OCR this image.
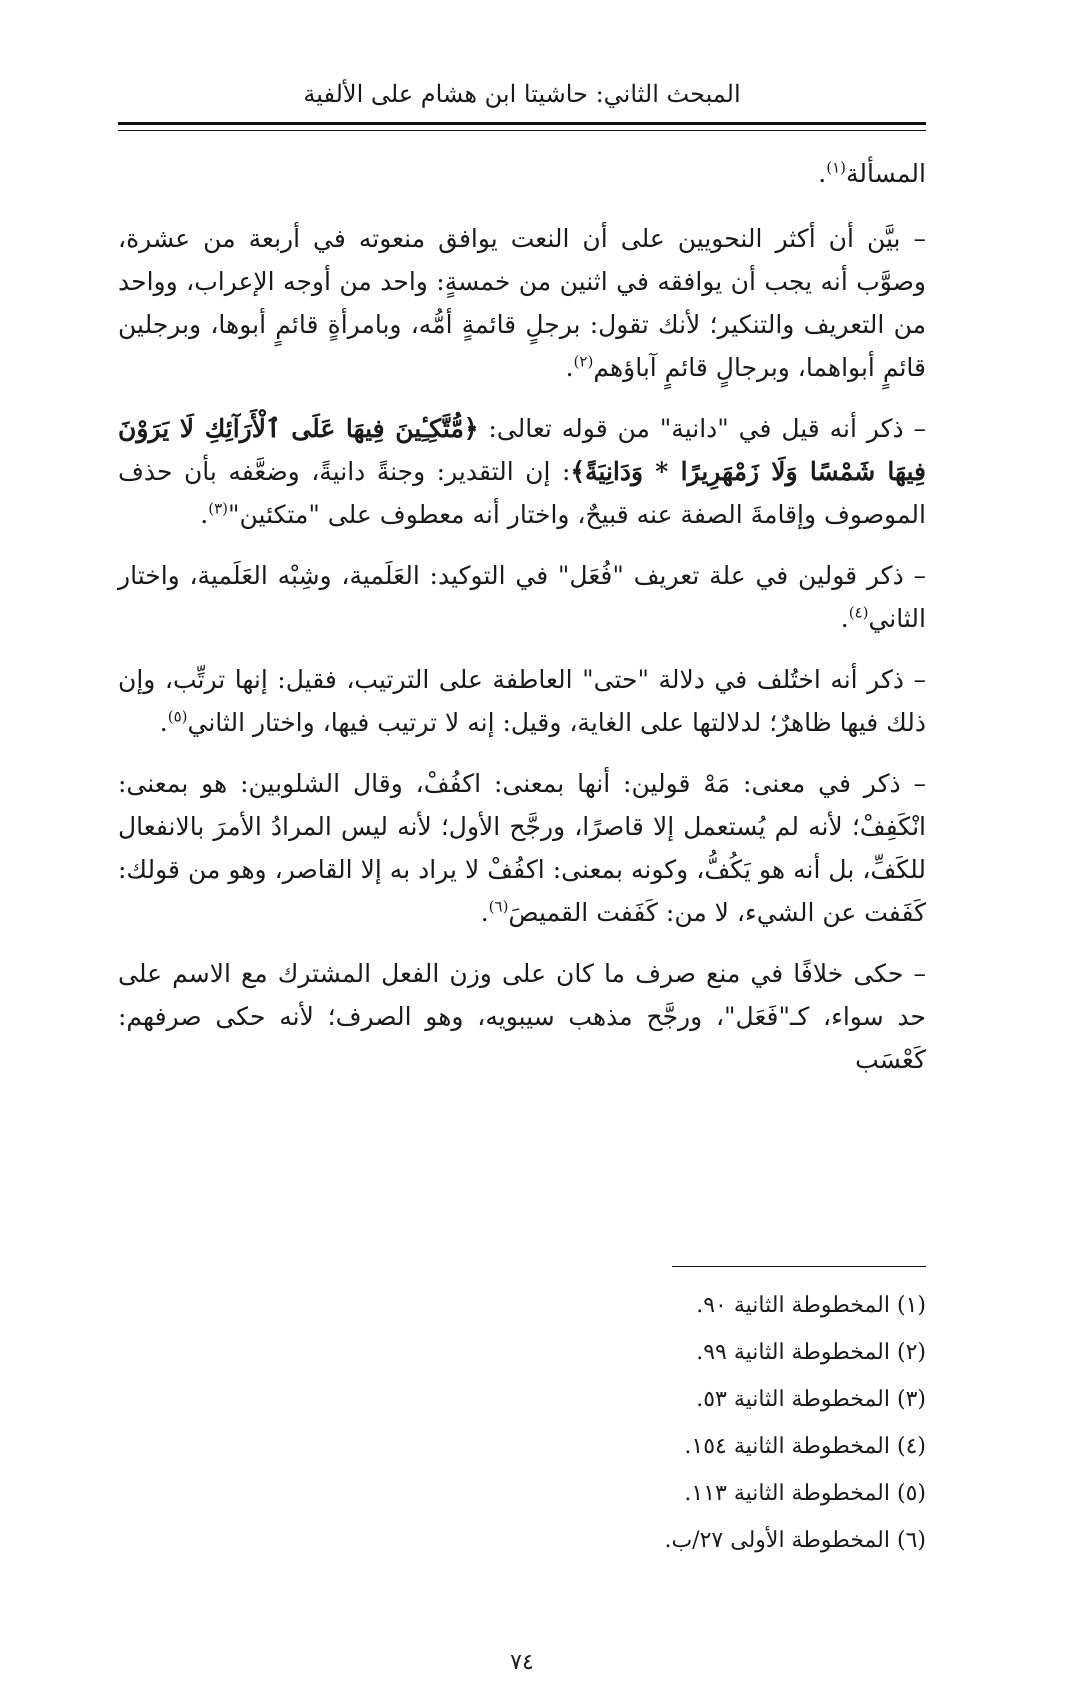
المبحث الثاني: حاشيتا ابن هشام على الألفية

المسألة$^{(١)}$.

– بيَّن أن أكثر النحويين على أن النعت يوافق منعوته في أربعة من عشرة، وصوَّب أنه يجب أن يوافقه في اثنين من خمسةٍ: واحد من أوجه الإعراب، وواحد من التعريف والتنكير؛ لأنك تقول: برجلٍ قائمةٍ أمُّه، وبامرأةٍ قائمٍ أبوها، وبرجلين قائمٍ أبواهما، وبرجالٍ قائمٍ آباؤهم$^{(٢)}$.

– ذكر أنه قيل في "دانية" من قوله تعالى: ﴿مُّتَّكِـِٔينَ فِيهَا عَلَى ٱلْأَرَآئِكِ لَا يَرَوْنَ فِيهَا شَمْسًا وَلَا زَمْهَرِيرًا * وَدَانِيَةً﴾: إن التقدير: وجنةً دانيةً، وضعَّفه بأن حذف الموصوف وإقامةَ الصفة عنه قبيحٌ، واختار أنه معطوف على "متكئين"$^{(٣)}$.

– ذكر قولين في علة تعريف "فُعَل" في التوكيد: العَلَمية، وشِبْه العَلَمية، واختار الثاني$^{(٤)}$.

– ذكر أنه اختُلف في دلالة "حتى" العاطفة على الترتيب، فقيل: إنها ترتِّب، وإن ذلك فيها ظاهرٌ؛ لدلالتها على الغاية، وقيل: إنه لا ترتيب فيها، واختار الثاني$^{(٥)}$.

– ذكر في معنى: مَهْ قولين: أنها بمعنى: اكفُفْ، وقال الشلوبين: هو بمعنى: انْكَفِفْ؛ لأنه لم يُستعمل إلا قاصرًا، ورجَّح الأول؛ لأنه ليس المرادُ الأمرَ بالانفعال للكَفِّ، بل أنه هو يَكُفُّ، وكونه بمعنى: اكفُفْ لا يراد به إلا القاصر، وهو من قولك: كَفَفت عن الشيء، لا من: كَفَفت القميصَ$^{(٦)}$.

– حكى خلافًا في منع صرف ما كان على وزن الفعل المشترك مع الاسم على حد سواء، كـ"فَعَل"، ورجَّح مذهب سيبويه، وهو الصرف؛ لأنه حكى صرفهم: كَعْسَب

(١) المخطوطة الثانية ٩٠.
(٢) المخطوطة الثانية ٩٩.
(٣) المخطوطة الثانية ٥٣.
(٤) المخطوطة الثانية ١٥٤.
(٥) المخطوطة الثانية ١١٣.
(٦) المخطوطة الأولى ٢٧/ب.
٧٤
